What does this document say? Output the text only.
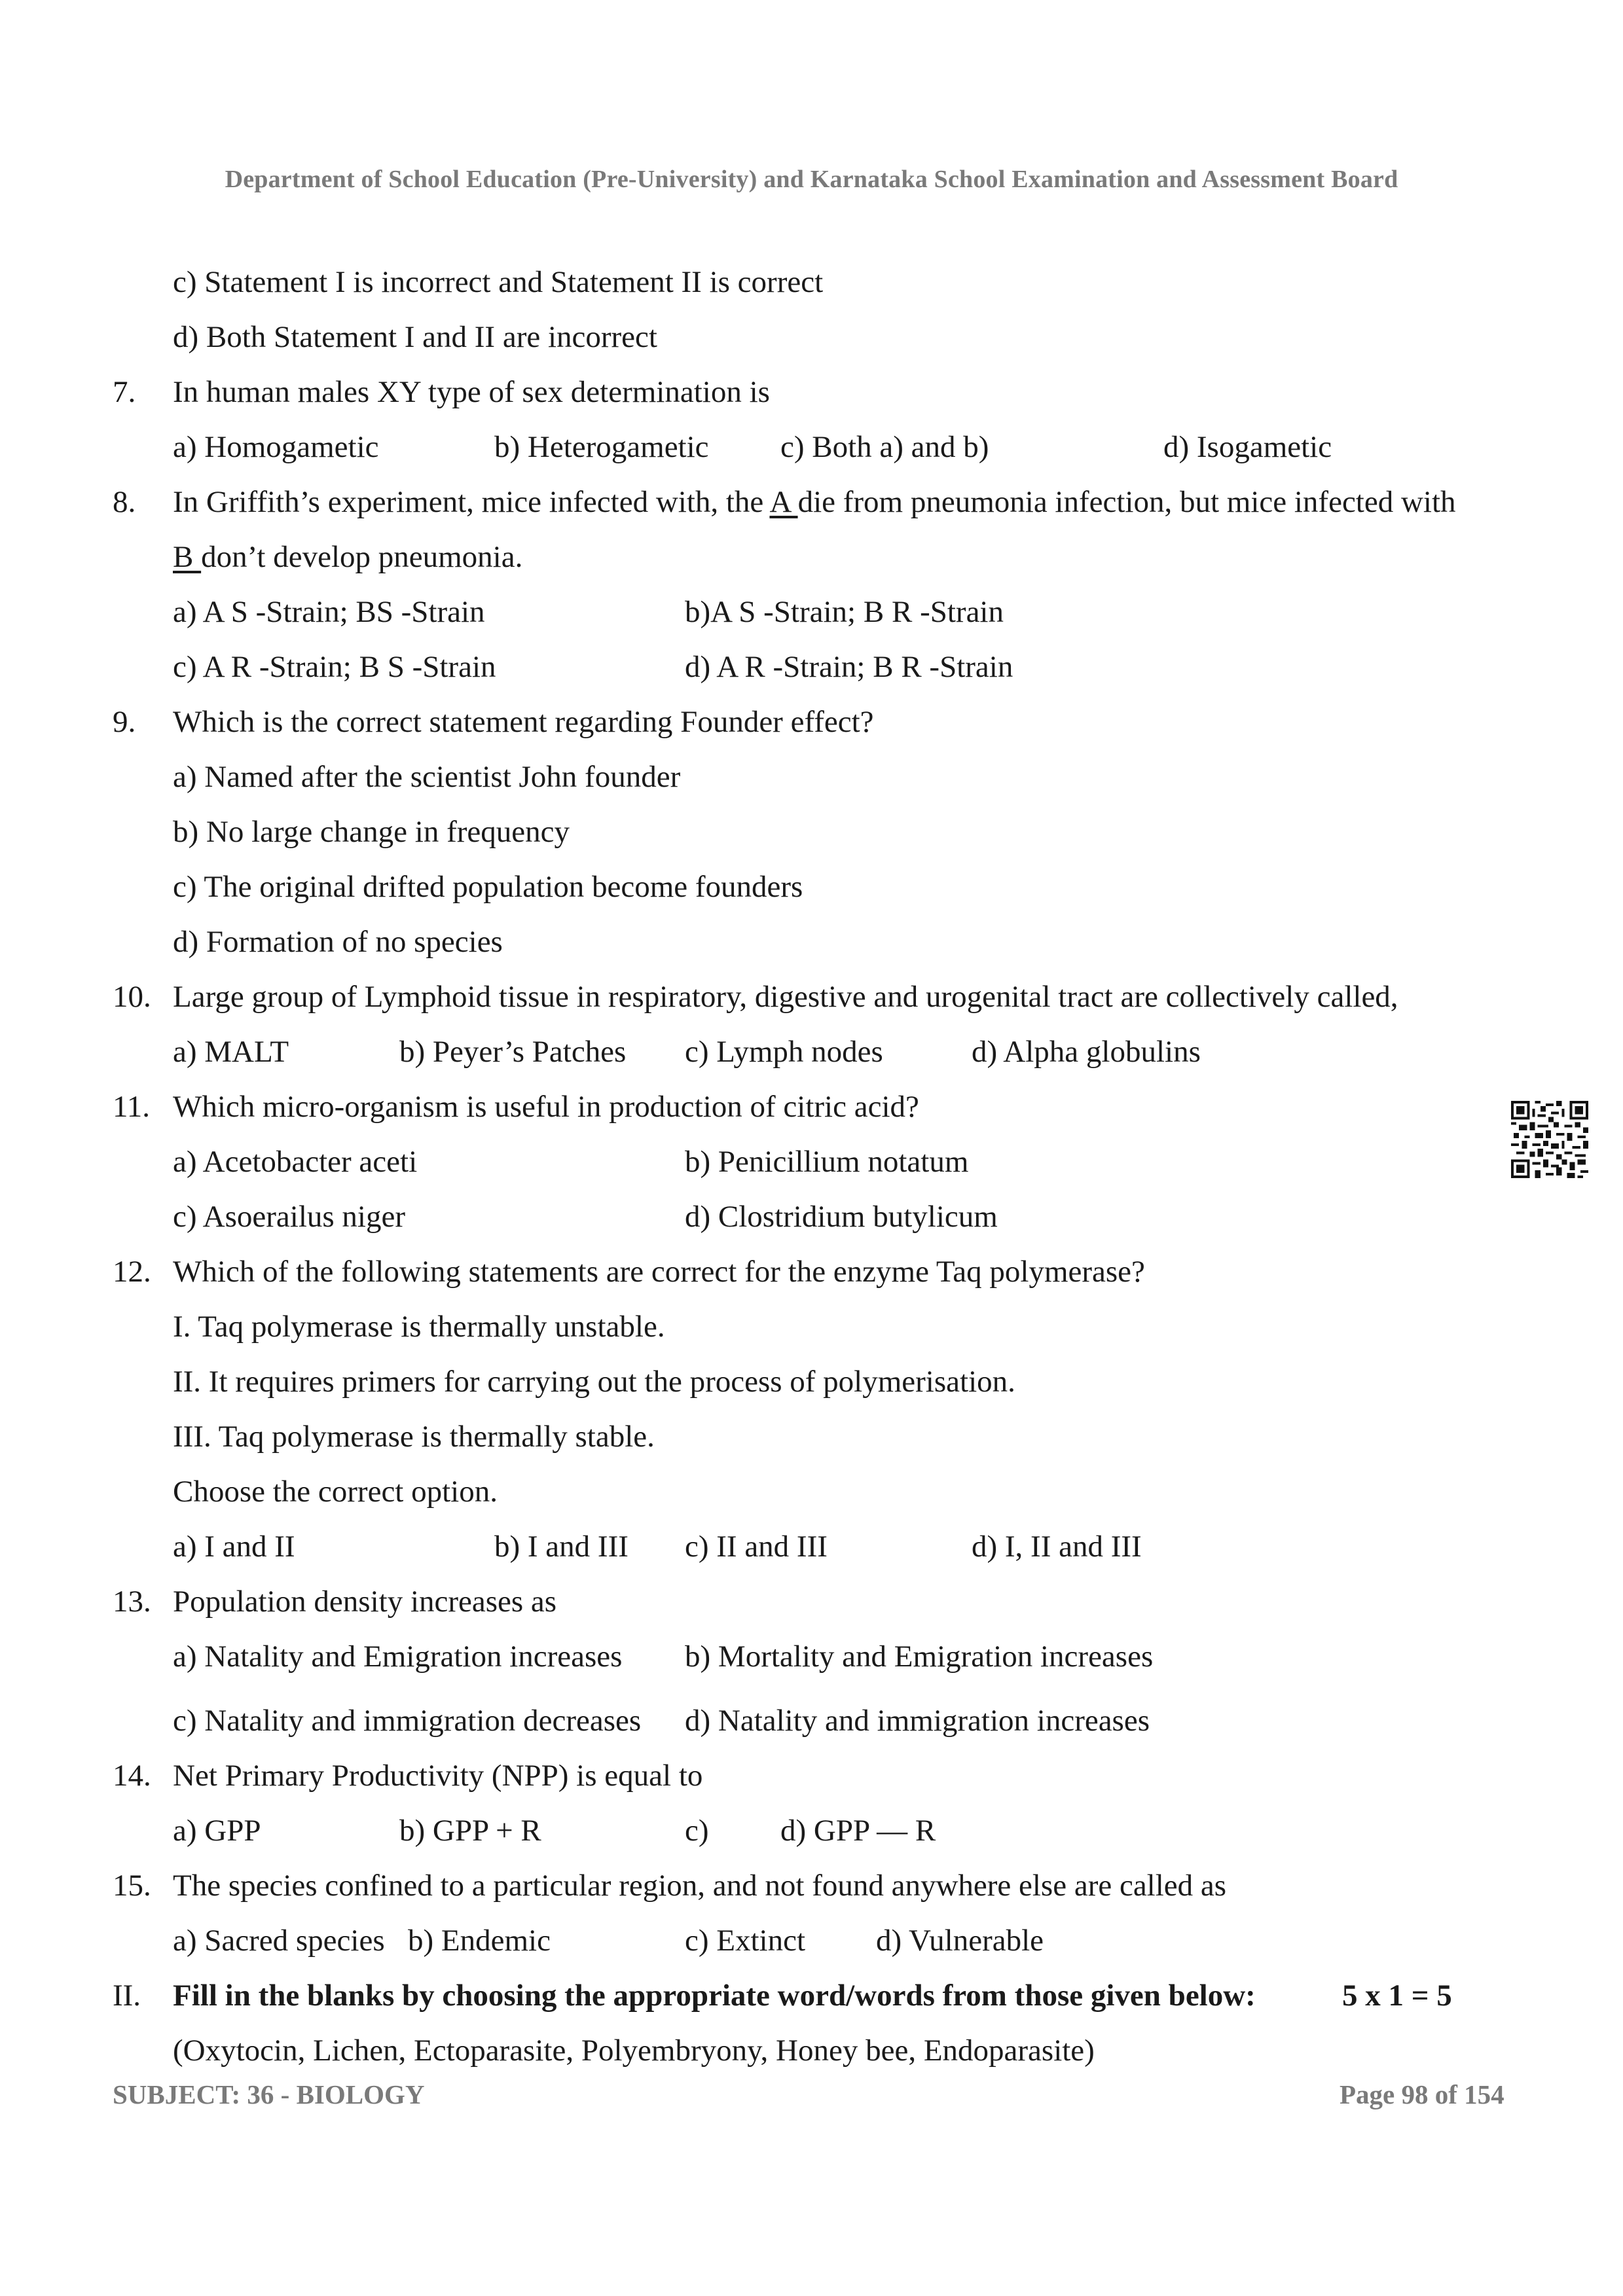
Department of School Education (Pre-University) and Karnataka School Examination and Assessment Board
c) Statement I is incorrect and Statement II is correct
d) Both Statement I and II are incorrect
7. In human males XY type of sex determination is
a) Homogametic	b) Heterogametic c) Both a) and b)	d) Isogametic
8. In Griffith’s experiment, mice infected with, the A die from pneumonia infection, but mice infected with
B don’t develop pneumonia.
a) A S -Strain; BS -Strain	b)A S -Strain; B R -Strain
c) A R -Strain; B S -Strain	d) A R -Strain; B R -Strain
9. Which is the correct statement regarding Founder effect?
a) Named after the scientist John founder
b) No large change in frequency
c) The original drifted population become founders
d) Formation of no species
10. Large group of Lymphoid tissue in respiratory, digestive and urogenital tract are collectively called,
a) MALT	b) Peyer’s Patches c) Lymph nodes	d) Alpha globulins
11. Which micro-organism is useful in production of citric acid?
a) Acetobacter aceti	b) Penicillium notatum
c) Asoerailus niger	d) Clostridium butylicum
12. Which of the following statements are correct for the enzyme Taq polymerase?
I. Taq polymerase is thermally unstable.
II. It requires primers for carrying out the process of polymerisation.
III. Taq polymerase is thermally stable.
Choose the correct option.
a) I and II	b) I and III c) II and III	d) I, II and III
13. Population density increases as
a) Natality and Emigration increases b) Mortality and Emigration increases
c) Natality and immigration decreases d) Natality and immigration increases
14. Net Primary Productivity (NPP) is equal to
a) GPP	b) GPP + R	c) d) GPP — R
15. The species confined to a particular region, and not found anywhere else are called as
a) Sacred species b) Endemic	c) Extinct d) Vulnerable
II. Fill in the blanks by choosing the appropriate word/words from those given below:	5 x 1 = 5
(Oxytocin, Lichen, Ectoparasite, Polyembryony, Honey bee, Endoparasite)
SUBJECT: 36 - BIOLOGY	Page 98 of 154
